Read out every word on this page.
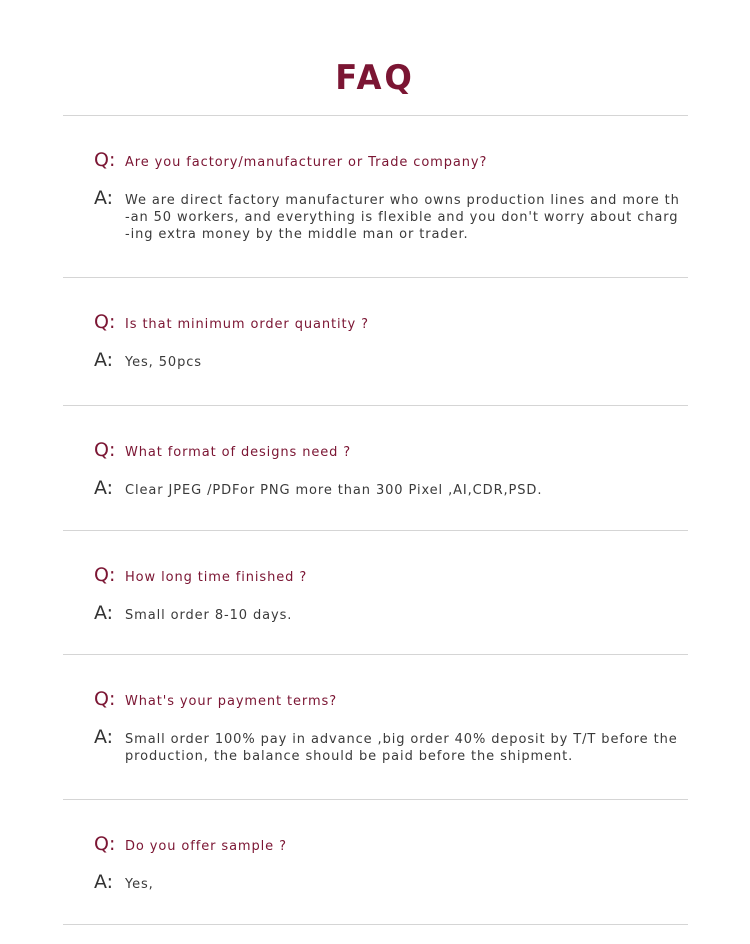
FAQ
Q: Are you factory/manufacturer or Trade company?
A: We are direct factory manufacturer who owns production lines and more th
-an 50 workers, and everything is flexible and you don't worry about charg
-ing extra money by the middle man or trader.
Q: Is that minimum order quantity ?
A: Yes, 50pcs
Q: What format of designs need ?
A: Clear JPEG /PDFor PNG more than 300 Pixel ,AI,CDR,PSD.
Q: How long time finished ?
A: Small order 8-10 days.
Q: What's your payment terms?
A: Small order 100% pay in advance ,big order 40% deposit by T/T before the
production, the balance should be paid before the shipment.
Q: Do you offer sample ?
A: Yes,
